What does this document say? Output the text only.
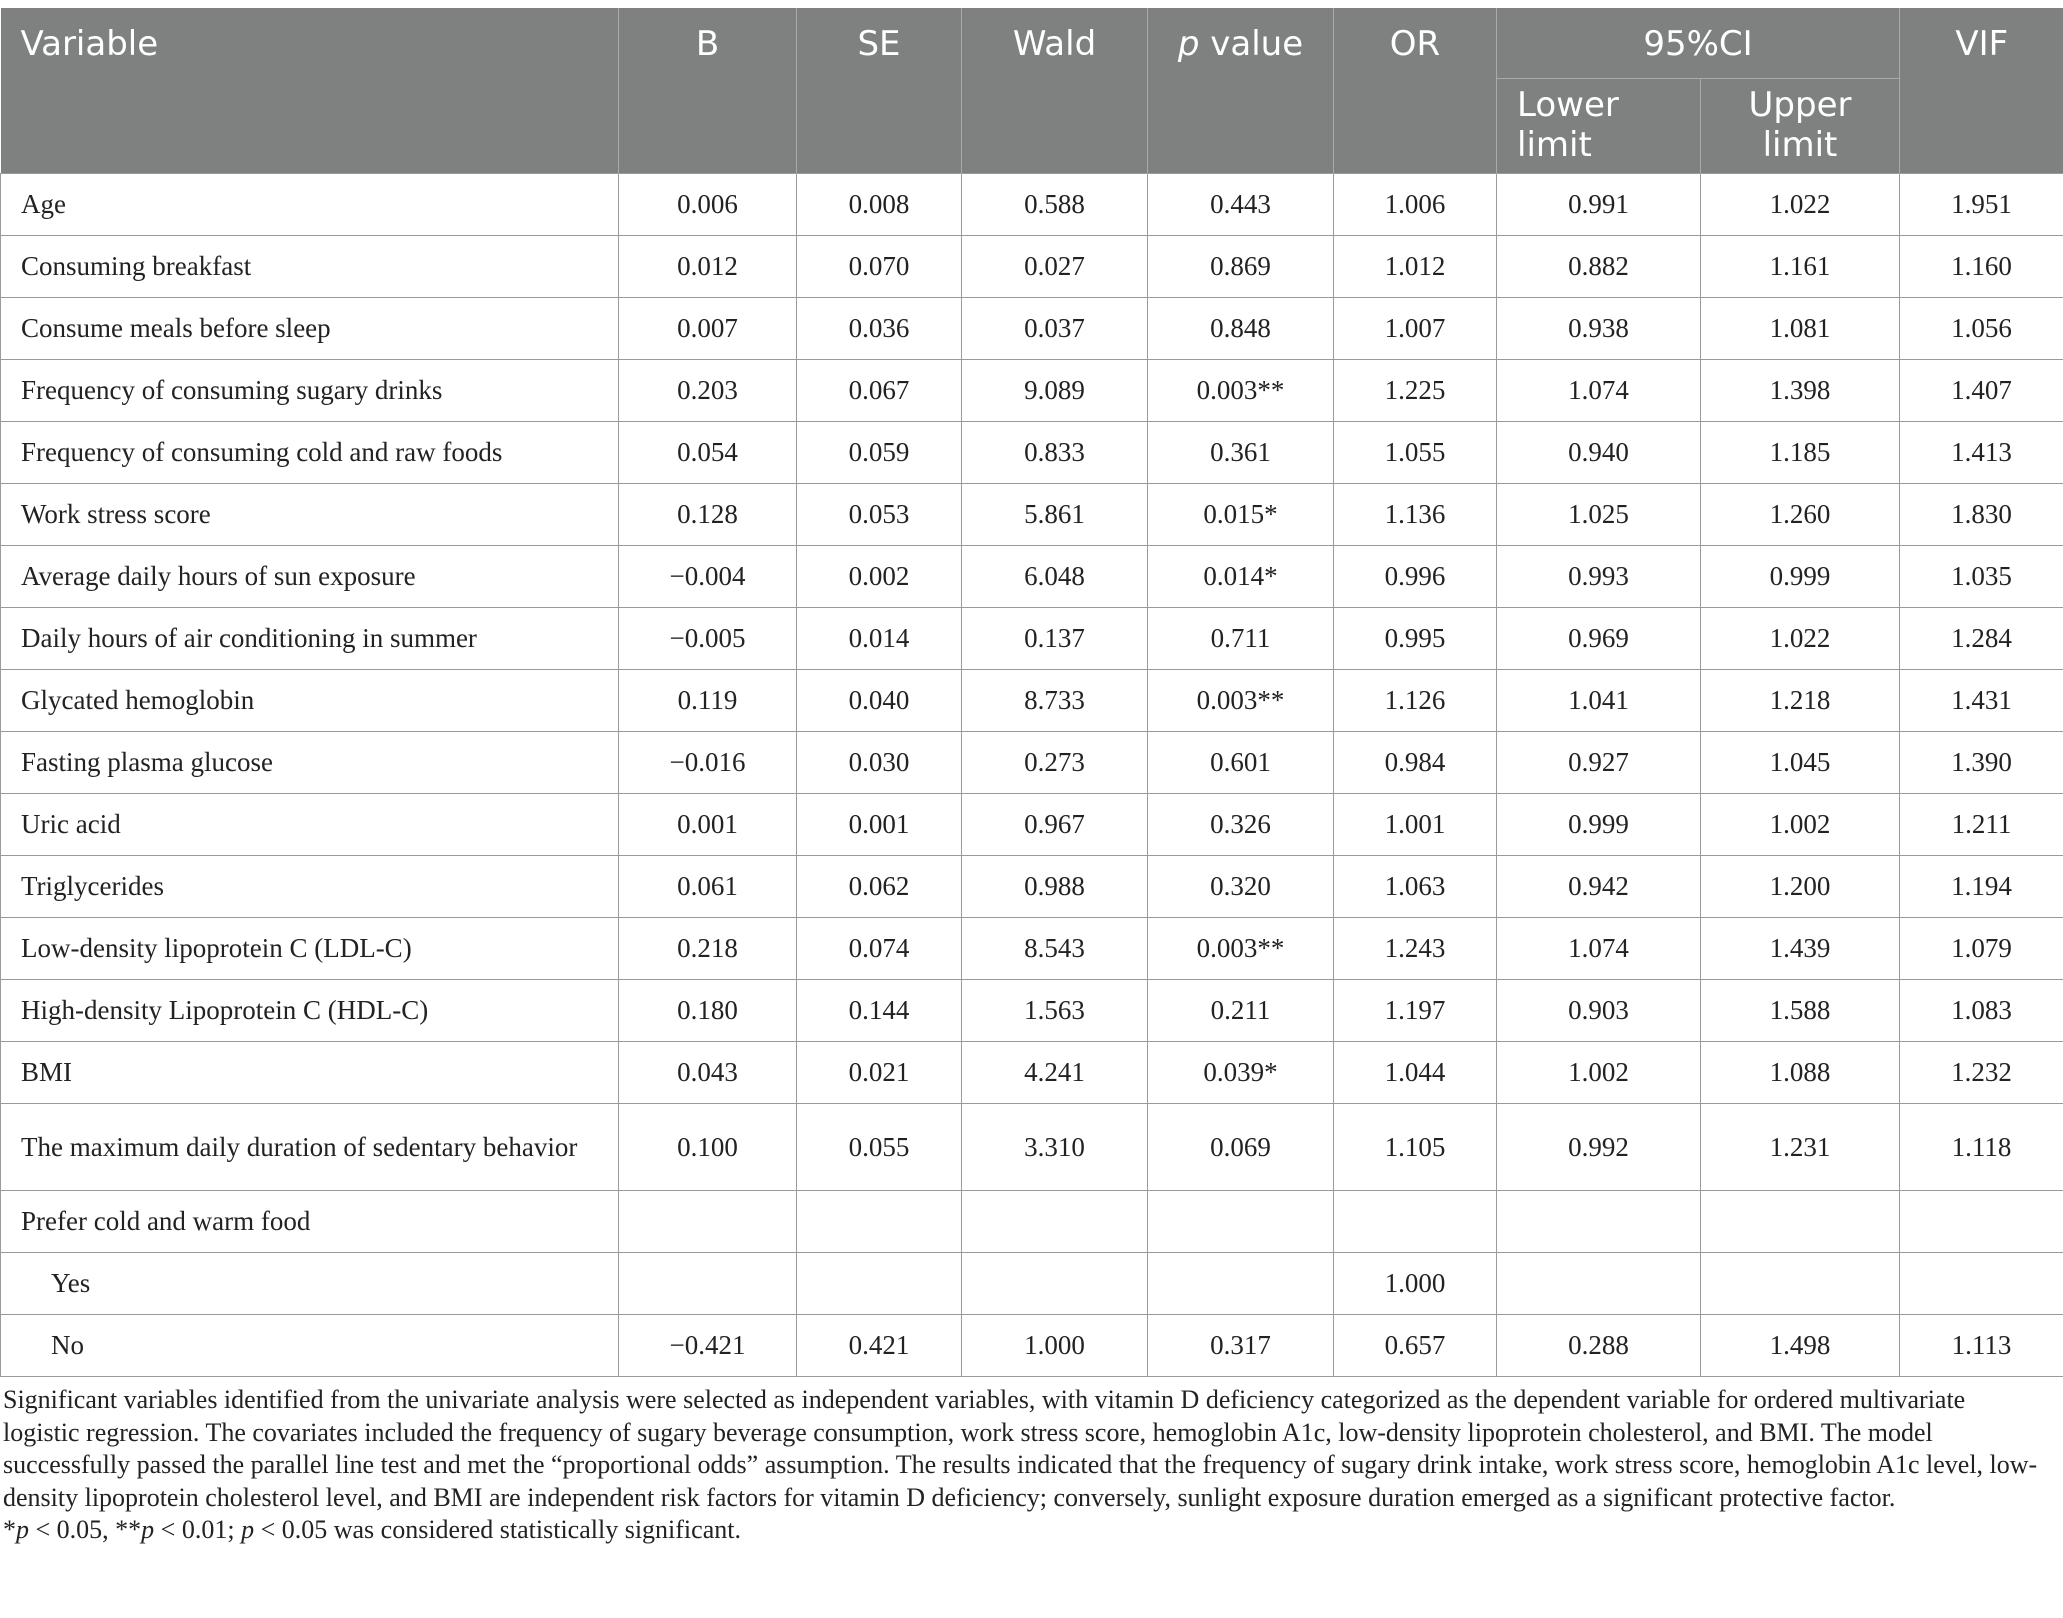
Variable	B	SE	Wald	p value	OR	95%CI		VIF
						Lower limit	Upper limit	
Age	0.006	0.008	0.588	0.443	1.006	0.991	1.022	1.951
Consuming breakfast	0.012	0.070	0.027	0.869	1.012	0.882	1.161	1.160
Consume meals before sleep	0.007	0.036	0.037	0.848	1.007	0.938	1.081	1.056
Frequency of consuming sugary drinks	0.203	0.067	9.089	0.003**	1.225	1.074	1.398	1.407
Frequency of consuming cold and raw foods	0.054	0.059	0.833	0.361	1.055	0.940	1.185	1.413
Work stress score	0.128	0.053	5.861	0.015*	1.136	1.025	1.260	1.830
Average daily hours of sun exposure	−0.004	0.002	6.048	0.014*	0.996	0.993	0.999	1.035
Daily hours of air conditioning in summer	−0.005	0.014	0.137	0.711	0.995	0.969	1.022	1.284
Glycated hemoglobin	0.119	0.040	8.733	0.003**	1.126	1.041	1.218	1.431
Fasting plasma glucose	−0.016	0.030	0.273	0.601	0.984	0.927	1.045	1.390
Uric acid	0.001	0.001	0.967	0.326	1.001	0.999	1.002	1.211
Triglycerides	0.061	0.062	0.988	0.320	1.063	0.942	1.200	1.194
Low-density lipoprotein C (LDL-C)	0.218	0.074	8.543	0.003**	1.243	1.074	1.439	1.079
High-density Lipoprotein C (HDL-C)	0.180	0.144	1.563	0.211	1.197	0.903	1.588	1.083
BMI	0.043	0.021	4.241	0.039*	1.044	1.002	1.088	1.232
The maximum daily duration of sedentary behavior	0.100	0.055	3.310	0.069	1.105	0.992	1.231	1.118
Prefer cold and warm food								
Yes					1.000			
No	−0.421	0.421	1.000	0.317	0.657	0.288	1.498	1.113

Significant variables identified from the univariate analysis were selected as independent variables, with vitamin D deficiency categorized as the dependent variable for ordered multivariate logistic regression. The covariates included the frequency of sugary beverage consumption, work stress score, hemoglobin A1c, low-density lipoprotein cholesterol, and BMI. The model successfully passed the parallel line test and met the “proportional odds” assumption. The results indicated that the frequency of sugary drink intake, work stress score, hemoglobin A1c level, low-density lipoprotein cholesterol level, and BMI are independent risk factors for vitamin D deficiency; conversely, sunlight exposure duration emerged as a significant protective factor.

*p < 0.05, **p < 0.01; p < 0.05 was considered statistically significant.
